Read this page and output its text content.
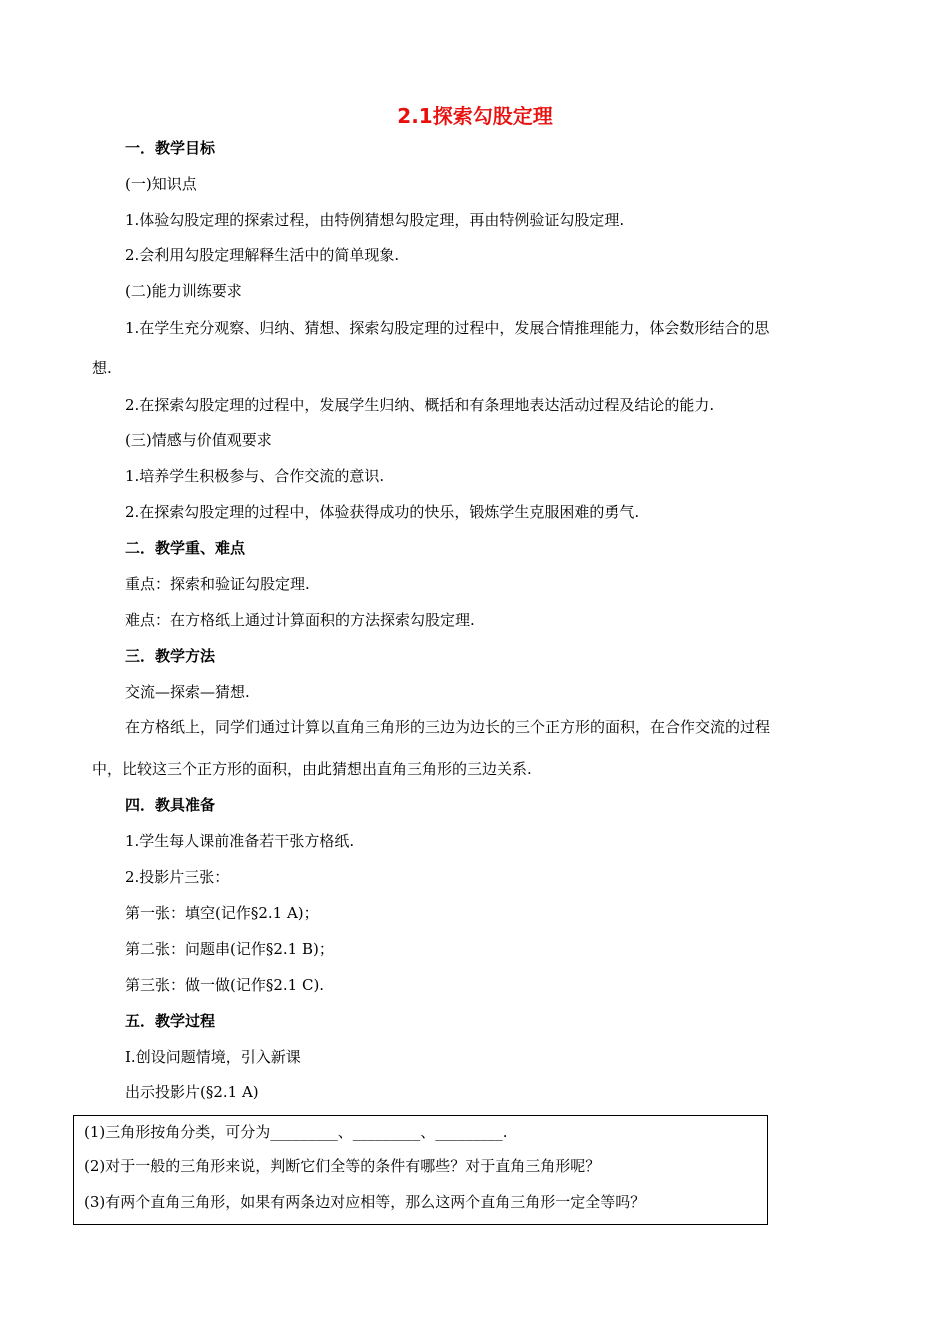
2.1探索勾股定理
一．教学目标
(一)知识点
1.体验勾股定理的探索过程，由特例猜想勾股定理，再由特例验证勾股定理.
2.会利用勾股定理解释生活中的简单现象.
(二)能力训练要求
1.在学生充分观察、归纳、猜想、探索勾股定理的过程中，发展合情推理能力，体会数形结合的思
想.
2.在探索勾股定理的过程中，发展学生归纳、概括和有条理地表达活动过程及结论的能力.
(三)情感与价值观要求
1.培养学生积极参与、合作交流的意识.
2.在探索勾股定理的过程中，体验获得成功的快乐，锻炼学生克服困难的勇气.
二．教学重、难点
重点：探索和验证勾股定理.
难点：在方格纸上通过计算面积的方法探索勾股定理.
三．教学方法
交流—探索—猜想.
在方格纸上，同学们通过计算以直角三角形的三边为边长的三个正方形的面积，在合作交流的过程
中，比较这三个正方形的面积，由此猜想出直角三角形的三边关系.
四．教具准备
1.学生每人课前准备若干张方格纸.
2.投影片三张：
第一张：填空(记作§2.1 A)；
第二张：问题串(记作§2.1 B)；
第三张：做一做(记作§2.1 C).
五．教学过程
Ⅰ.创设问题情境，引入新课
出示投影片(§2.1 A)
(1)三角形按角分类，可分为_________、_________、_________.
(2)对于一般的三角形来说，判断它们全等的条件有哪些？对于直角三角形呢？
(3)有两个直角三角形，如果有两条边对应相等，那么这两个直角三角形一定全等吗？
